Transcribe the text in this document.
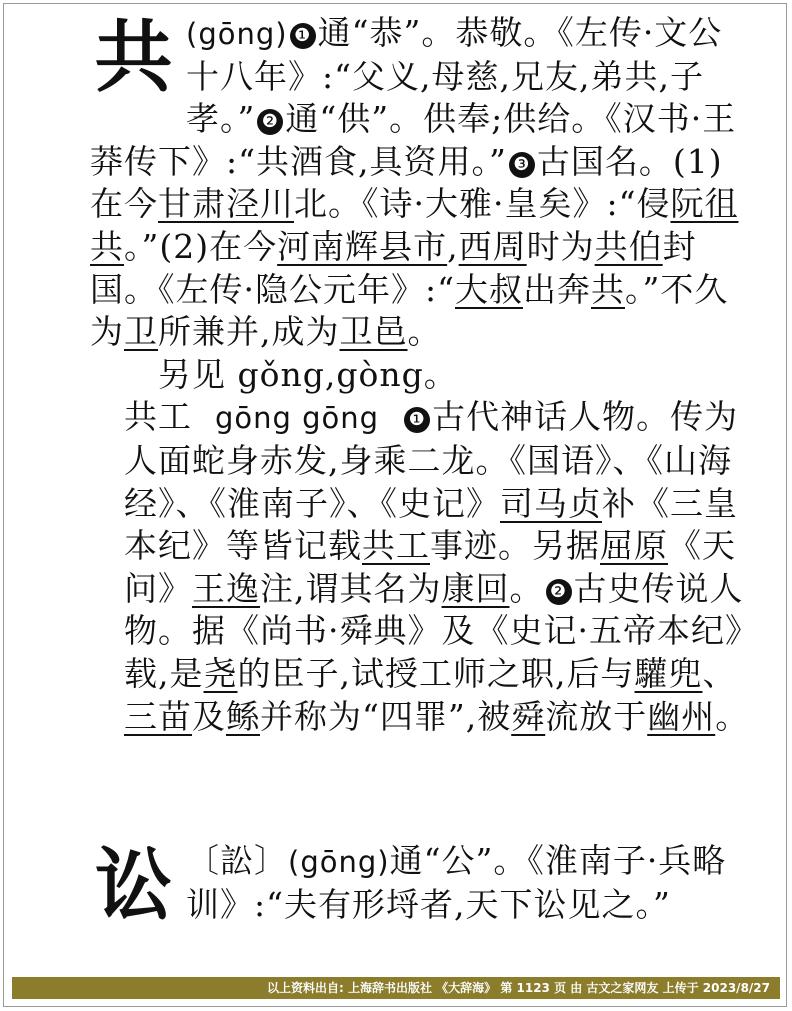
共 (gōng) ❶ 通“恭”。恭敬。《左传·文公十八年》:“父义,母慈,兄友,弟共,子孝。” ❷ 通“供”。供奉;供给。《汉书·王莽传下》:“共酒食,具资用。” ❸ 古国名。(1)在今甘肃泾川北。《诗·大雅·皇矣》:“侵阮徂共。”(2)在今河南辉县市,西周时为共伯封国。《左传·隐公元年》:“大叔出奔共。”不久为卫所兼并,成为卫邑。
另见 gǒng,gòng。
共工 gōng gōng ❶ 古代神话人物。传为人面蛇身赤发,身乘二龙。《国语》、《山海经》、《淮南子》、《史记》司马贞补《三皇本纪》等皆记载共工事迹。另据屈原《天问》王逸注,谓其名为康回。 ❷ 古史传说人物。据《尚书·舜典》及《史记·五帝本纪》载,是尧的臣子,试授工师之职,后与驩兜、三苗及鲧并称为“四罪”,被舜流放于幽州。
讼 〔訟〕(gōng)通“公”。《淮南子·兵略训》:“夫有形埒者,天下讼见之。”
以上资料出自: 上海辞书出版社 《大辞海》 第 1123 页 由 古文之家网友 上传于 2023/8/27
